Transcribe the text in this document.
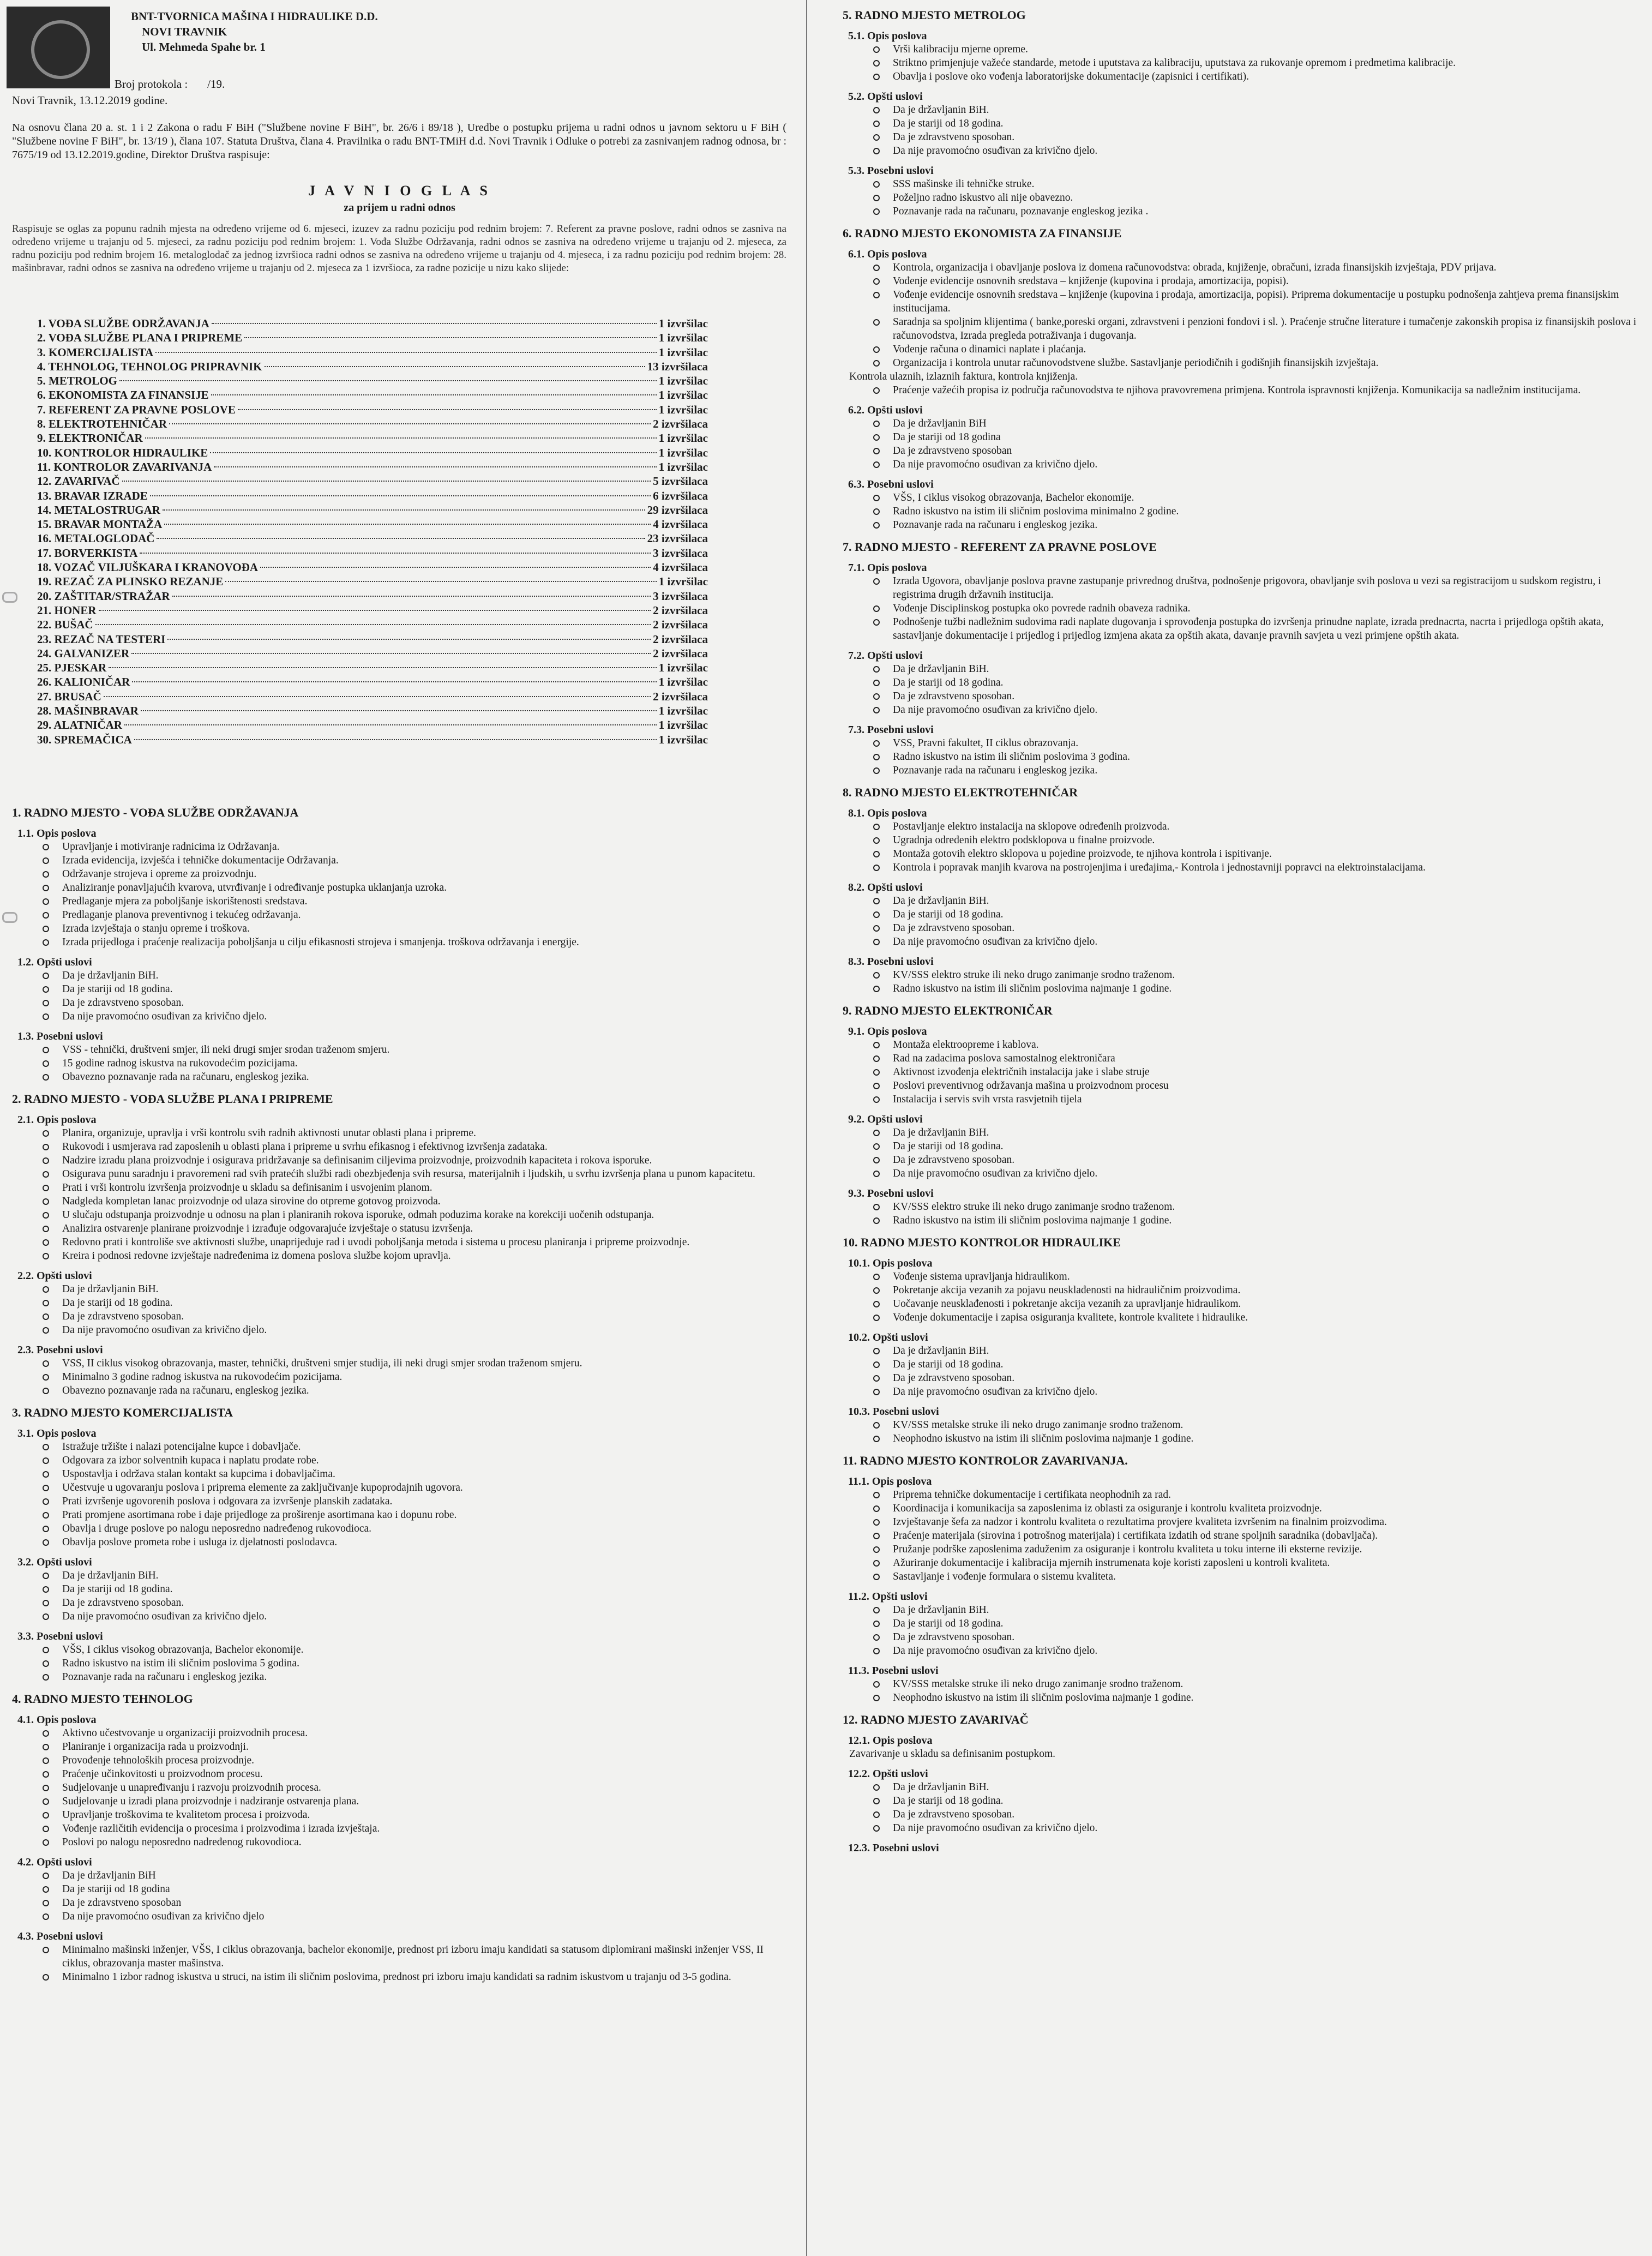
BNT-TVORNICA MAŠINA I HIDRAULIKE D.D.
NOVI TRAVNIK
Ul. Mehmeda Spahe br. 1
Broj protokola : /19.
Novi Travnik, 13.12.2019 godine.
Na osnovu člana 20 a. st. 1 i 2 Zakona o radu F BiH ("Službene novine F BiH", br. 26/6 i 89/18 ), Uredbe o postupku prijema u radni odnos u javnom sektoru u F BiH ( "Službene novine F BiH", br. 13/19 ), člana 107. Statuta Društva, člana 4. Pravilnika o radu BNT-TMiH d.d. Novi Travnik i Odluke o potrebi za zasnivanjem radnog odnosa, br : 7675/19 od 13.12.2019.godine, Direktor Društva raspisuje:
J A V N I O G L A S
za prijem u radni odnos
Raspisuje se oglas za popunu radnih mjesta na određeno vrijeme od 6. mjeseci, izuzev za radnu poziciju pod rednim brojem: 7. Referent za pravne poslove, radni odnos se zasniva na određeno vrijeme u trajanju od 5. mjeseci, za radnu poziciju pod rednim brojem: 1. Vođa Službe Održavanja, radni odnos se zasniva na određeno vrijeme u trajanju od 2. mjeseca, za radnu poziciju pod rednim brojem 16. metaloglodač za jednog izvršioca radni odnos se zasniva na određeno vrijeme u trajanju od 4. mjeseca, i za radnu poziciju pod rednim brojem: 28. mašinbravar, radni odnos se zasniva na određeno vrijeme u trajanju od 2. mjeseca za 1 izvršioca, za radne pozicije u nizu kako slijede:
1. VOĐA SLUŽBE ODRŽAVANJA	1 izvršilac
2. VOĐA SLUŽBE PLANA I PRIPREME	1 izvršilac
3. KOMERCIJALISTA	1 izvršilac
4. TEHNOLOG, TEHNOLOG PRIPRAVNIK	13 izvršilaca
5. METROLOG	1 izvršilac
6. EKONOMISTA ZA FINANSIJE	1 izvršilac
7. REFERENT ZA PRAVNE POSLOVE	1 izvršilac
8. ELEKTROTEHNIČAR	2 izvršilaca
9. ELEKTRONIČAR	1 izvršilac
10. KONTROLOR HIDRAULIKE	1 izvršilac
11. KONTROLOR ZAVARIVANJA	1 izvršilac
12. ZAVARIVAČ	5 izvršilaca
13. BRAVAR IZRADE	6 izvršilaca
14. METALOSTRUGAR	29 izvršilaca
15. BRAVAR MONTAŽA	4 izvršilaca
16. METALOGLODAČ	23 izvršilaca
17. BORVERKISTA	3 izvršilaca
18. VOZAČ VILJUŠKARA I KRANOVOĐA	4 izvršilaca
19. REZAČ ZA PLINSKO REZANJE	1 izvršilac
20. ZAŠTITAR/STRAŽAR	3 izvršilaca
21. HONER	2 izvršilaca
22. BUŠAČ	2 izvršilaca
23. REZAČ NA TESTERI	2 izvršilaca
24. GALVANIZER	2 izvršilaca
25. PJESKAR	1 izvršilac
26. KALIONIČAR	1 izvršilac
27. BRUSAČ	2 izvršilaca
28. MAŠINBRAVAR	1 izvršilac
29. ALATNIČAR	1 izvršilac
30. SPREMAČICA	1 izvršilac
1. RADNO MJESTO - VOĐA SLUŽBE ODRŽAVANJA
1.1. Opis poslova
Upravljanje i motiviranje radnicima iz Održavanja.
Izrada evidencija, izvješća i tehničke dokumentacije Održavanja.
Održavanje strojeva i opreme za proizvodnju.
Analiziranje ponavljajućih kvarova, utvrđivanje i određivanje postupka uklanjanja uzroka.
Predlaganje mjera za poboljšanje iskorištenosti sredstava.
Predlaganje planova preventivnog i tekućeg održavanja.
Izrada izvještaja o stanju opreme i troškova.
Izrada prijedloga i praćenje realizacija poboljšanja u cilju efikasnosti strojeva i smanjenja. troškova održavanja i energije.
1.2. Opšti uslovi
Da je državljanin BiH.
Da je stariji od 18 godina.
Da je zdravstveno sposoban.
Da nije pravomoćno osuđivan za krivično djelo.
1.3. Posebni uslovi
VSS - tehnički, društveni smjer, ili neki drugi smjer srodan traženom smjeru.
15 godine radnog iskustva na rukovodećim pozicijama.
Obavezno poznavanje rada na računaru, engleskog jezika.
2. RADNO MJESTO - VOĐA SLUŽBE PLANA I PRIPREME
2.1. Opis poslova
Planira, organizuje, upravlja i vrši kontrolu svih radnih aktivnosti unutar oblasti plana i pripreme.
Rukovodi i usmjerava rad zaposlenih u oblasti plana i pripreme u svrhu efikasnog i efektivnog izvršenja zadataka.
Nadzire izradu plana proizvodnje i osigurava pridržavanje sa definisanim ciljevima proizvodnje, proizvodnih kapaciteta i rokova isporuke.
Osigurava punu saradnju i pravoremeni rad svih pratećih službi radi obezbjeđenja svih resursa, materijalnih i ljudskih, u svrhu izvršenja plana u punom kapacitetu.
Prati i vrši kontrolu izvršenja proizvodnje u skladu sa definisanim i usvojenim planom.
Nadgleda kompletan lanac proizvodnje od ulaza sirovine do otpreme gotovog proizvoda.
U slučaju odstupanja proizvodnje u odnosu na plan i planiranih rokova isporuke, odmah poduzima korake na korekciji uočenih odstupanja.
Analizira ostvarenje planirane proizvodnje i izrađuje odgovarajuće izvještaje o statusu izvršenja.
Redovno prati i kontroliše sve aktivnosti službe, unapriјeđuje rad i uvodi poboljšanja metoda i sistema u procesu planiranja i pripreme proizvodnje.
Kreira i podnosi redovne izvještaje nadređenima iz domena poslova službe kojom upravlja.
2.2. Opšti uslovi
Da je državljanin BiH.
Da je stariji od 18 godina.
Da je zdravstveno sposoban.
Da nije pravomoćno osuđivan za krivično djelo.
2.3. Posebni uslovi
VSS, II ciklus visokog obrazovanja, master, tehnički, društveni smjer studija, ili neki drugi smjer srodan traženom smjeru.
Minimalno 3 godine radnog iskustva na rukovodećim pozicijama.
Obavezno poznavanje rada na računaru, engleskog jezika.
3. RADNO MJESTO KOMERCIJALISTA
3.1. Opis poslova
Istražuje tržište i nalazi potencijalne kupce i dobavljače.
Odgovara za izbor solventnih kupaca i naplatu prodate robe.
Uspostavlja i održava stalan kontakt sa kupcima i dobavljačima.
Učestvuje u ugovaranju poslova i pripremа elemente za zaključivanje kupoprodajnih ugovora.
Prati izvršenje ugovorenih poslova i odgovara za izvršenje planskih zadataka.
Prati promjene asortimana robe i daje prijedloge za proširenje asortimana kao i dopunu robe.
Obavlja i druge poslove po nalogu neposredno nadređenog rukovodioca.
Obavlja poslove prometa robe i usluga iz djelatnosti poslodavca.
3.2. Opšti uslovi
Da je državljanin BiH.
Da je stariji od 18 godina.
Da je zdravstveno sposoban.
Da nije pravomoćno osuđivan za krivično djelo.
3.3. Posebni uslovi
VŠS, I ciklus visokog obrazovanja, Bachelor ekonomije.
Radno iskustvo na istim ili sličnim poslovima 5 godina.
Poznavanje rada na računaru i engleskog jezika.
4. RADNO MJESTO TEHNOLOG
4.1. Opis poslova
Aktivno učestvovanje u organizaciji proizvodnih procesa.
Planiranje i organizacija rada u proizvodnji.
Provođenje tehnoloških procesa proizvodnje.
Praćenje učinkovitosti u proizvodnom procesu.
Sudjelovanje u unapređivanju i razvoju proizvodnih procesa.
Sudjelovanje u izradi plana proizvodnje i nadziranje ostvarenja plana.
Upravljanje troškovima te kvalitetom procesa i proizvoda.
Vođenje različitih evidencija o procesima i proizvodima i izrada izvještaja.
Poslovi po nalogu neposredno nadređenog rukovodioca.
4.2. Opšti uslovi
Da je državljanin BiH
Da je stariji od 18 godina
Da je zdravstveno sposoban
Da nije pravomoćno osuđivan za krivično djelo
4.3. Posebni uslovi
Minimalno mašinski inženjer, VŠS, I ciklus obrazovanja, bachelor ekonomije, prednost pri izboru imaju kandidati sa statusom diplomirani mašinski inženjer VSS, II ciklus, obrazovanja master mašinstva.
Minimalno 1 izbor radnog iskustva u struci, na istim ili sličnim poslovima, prednost pri izboru imaju kandidati sa radnim iskustvom u trajanju od 3-5 godina.
5. RADNO MJESTO METROLOG
5.1. Opis poslova
Vrši kalibraciju mjerne opreme.
Striktno primjenjuje važeće standarde, metode i uputstava za kalibraciju, uputstava za rukovanje opremom i predmetima kalibracije.
Obavlja i poslove oko vođenja laboratorijske dokumentacije (zapisnici i certifikati).
5.2. Opšti uslovi
Da je državljanin BiH.
Da je stariji od 18 godina.
Da je zdravstveno sposoban.
Da nije pravomoćno osuđivan za krivično djelo.
5.3. Posebni uslovi
SSS mašinske ili tehničke struke.
Poželjno radno iskustvo ali nije obavezno.
Poznavanje rada na računaru, poznavanje engleskog jezika .
6. RADNO MJESTO EKONOMISTA ZA FINANSIJE
6.1. Opis poslova
Kontrola, organizacija i obavljanje poslova iz domena računovodstva: obrada, knjiženje, obračuni, izrada finansijskih izvještaja, PDV prijava.
Vođenje evidencije osnovnih sredstava – knjiženje (kupovina i prodaja, amortizacija, popisi).
Vođenje evidencije osnovnih sredstava – knjiženje (kupovina i prodaja, amortizacija, popisi). Priprema dokumentacije u postupku podnošenja zahtjeva prema finansijskim institucijama.
Saradnja sa spoljnim klijentima ( banke,poreski organi, zdravstveni i penzioni fondovi i sl. ). Praćenje stručne literature i tumačenje zakonskih propisa iz finansijskih poslova i računovodstva, Izrada pregleda potraživanja i dugovanja.
Vođenje računa o dinamici naplate i plaćanja.
Organizacija i kontrola unutar računovodstvene službe. Sastavljanje periodičnih i godišnjih finansijskih izvještaja.
Kontrola ulaznih, izlaznih faktura, kontrola knjiženja.
Praćenje važećih propisa iz područja računovodstva te njihova pravovremena primjena. Kontrola ispravnosti knjiženja. Komunikacija sa nadležnim institucijama.
6.2. Opšti uslovi
Da je državljanin BiH
Da je stariji od 18 godina
Da je zdravstveno sposoban
Da nije pravomoćno osuđivan za krivično djelo.
6.3. Posebni uslovi
VŠS, I ciklus visokog obrazovanja, Bachelor ekonomije.
Radno iskustvo na istim ili sličnim poslovima minimalno 2 godine.
Poznavanje rada na računaru i engleskog jezika.
7. RADNO MJESTO - REFERENT ZA PRAVNE POSLOVE
7.1. Opis poslova
Izrada Ugovora, obavljanje poslova pravne zastupanje privrednog društva, podnošenje prigovora, obavljanje svih poslova u vezi sa registracijom u sudskom registru, i registrima drugih državnih institucija.
Vođenje Disciplinskog postupka oko povrede radnih obaveza radnika.
Podnošenje tužbi nadležnim sudovima radi naplate dugovanja i sprovođenja postupka do izvršenja prinudne naplate, izrada prednacrta, nacrta i prijedloga opštih akata, sastavljanje dokumentacije i prijedlog i prijedlog izmjena akata za opštih akata, davanje pravnih savjeta u vezi primjene opštih akata.
7.2. Opšti uslovi
Da je državljanin BiH.
Da je stariji od 18 godina.
Da je zdravstveno sposoban.
Da nije pravomoćno osuđivan za krivično djelo.
7.3. Posebni uslovi
VSS, Pravni fakultet, II ciklus obrazovanja.
Radno iskustvo na istim ili sličnim poslovima 3 godina.
Poznavanje rada na računaru i engleskog jezika.
8. RADNO MJESTO ELEKTROTEHNIČAR
8.1. Opis poslova
Postavljanje elektro instalacija na sklopove određenih proizvoda.
Ugradnja određenih elektro podsklopova u finalne proizvode.
Montaža gotovih elektro sklopova u pojedine proizvode, te njihova kontrola i ispitivanje.
Kontrola i popravak manjih kvarova na postrojenjima i uređajima,- Kontrola i jednostavniji popravci na elektroinstalacijama.
8.2. Opšti uslovi
Da je državljanin BiH.
Da je stariji od 18 godina.
Da je zdravstveno sposoban.
Da nije pravomoćno osuđivan za krivično djelo.
8.3. Posebni uslovi
KV/SSS elektro struke ili neko drugo zanimanje srodno traženom.
Radno iskustvo na istim ili sličnim poslovima najmanje 1 godine.
9. RADNO MJESTO ELEKTRONIČAR
9.1. Opis poslova
Montaža elektroopreme i kablova.
Rad na zadacima poslova samostalnog elektroničara
Aktivnost izvođenja električnih instalacija jake i slabe struje
Poslovi preventivnog održavanja mašina u proizvodnom procesu
Instalacija i servis svih vrsta rasvjetnih tijela
9.2. Opšti uslovi
Da je državljanin BiH.
Da je stariji od 18 godina.
Da je zdravstveno sposoban.
Da nije pravomoćno osuđivan za krivično djelo.
9.3. Posebni uslovi
KV/SSS elektro struke ili neko drugo zanimanje srodno traženom.
Radno iskustvo na istim ili sličnim poslovima najmanje 1 godine.
10. RADNO MJESTO KONTROLOR HIDRAULIKE
10.1. Opis poslova
Vođenje sistema upravljanja hidraulikom.
Pokretanje akcija vezanih za pojavu neusklađenosti na hidrauličnim proizvodima.
Uočavanje neusklađenosti i pokretanje akcija vezanih za upravljanje hidraulikom.
Vođenje dokumentacije i zapisa osiguranja kvalitete, kontrole kvalitete i hidraulike.
10.2. Opšti uslovi
Da je državljanin BiH.
Da je stariji od 18 godina.
Da je zdravstveno sposoban.
Da nije pravomoćno osuđivan za krivično djelo.
10.3. Posebni uslovi
KV/SSS metalske struke ili neko drugo zanimanje srodno traženom.
Neophodno iskustvo na istim ili sličnim poslovima najmanje 1 godine.
11. RADNO MJESTO KONTROLOR ZAVARIVANJA.
11.1. Opis poslova
Priprema tehničke dokumentacije i certifikata neophodnih za rad.
Koordinacija i komunikacija sa zaposlenima iz oblasti za osiguranje i kontrolu kvaliteta proizvodnje.
Izvještavanje šefa za nadzor i kontrolu kvaliteta o rezultatima provjere kvaliteta izvršenim na finalnim proizvodima.
Praćenje materijala (sirovina i potrošnog materijala) i certifikata izdatih od strane spoljnih saradnika (dobavljača).
Pružanje podrške zaposlenima zaduženim za osiguranje i kontrolu kvaliteta u toku interne ili eksterne revizije.
Ažuriranje dokumentacije i kalibracija mjernih instrumenata koje koristi zaposleni u kontroli kvaliteta.
Sastavljanje i vođenje formulara o sistemu kvaliteta.
11.2. Opšti uslovi
Da je državljanin BiH.
Da je stariji od 18 godina.
Da je zdravstveno sposoban.
Da nije pravomoćno osuđivan za krivično djelo.
11.3. Posebni uslovi
KV/SSS metalske struke ili neko drugo zanimanje srodno traženom.
Neophodno iskustvo na istim ili sličnim poslovima najmanje 1 godine.
12. RADNO MJESTO ZAVARIVAČ
12.1. Opis poslova
Zavarivanje u skladu sa definisanim postupkom.
12.2. Opšti uslovi
Da je državljanin BiH.
Da je stariji od 18 godina.
Da je zdravstveno sposoban.
Da nije pravomoćno osuđivan za krivično djelo.
12.3. Posebni uslovi
